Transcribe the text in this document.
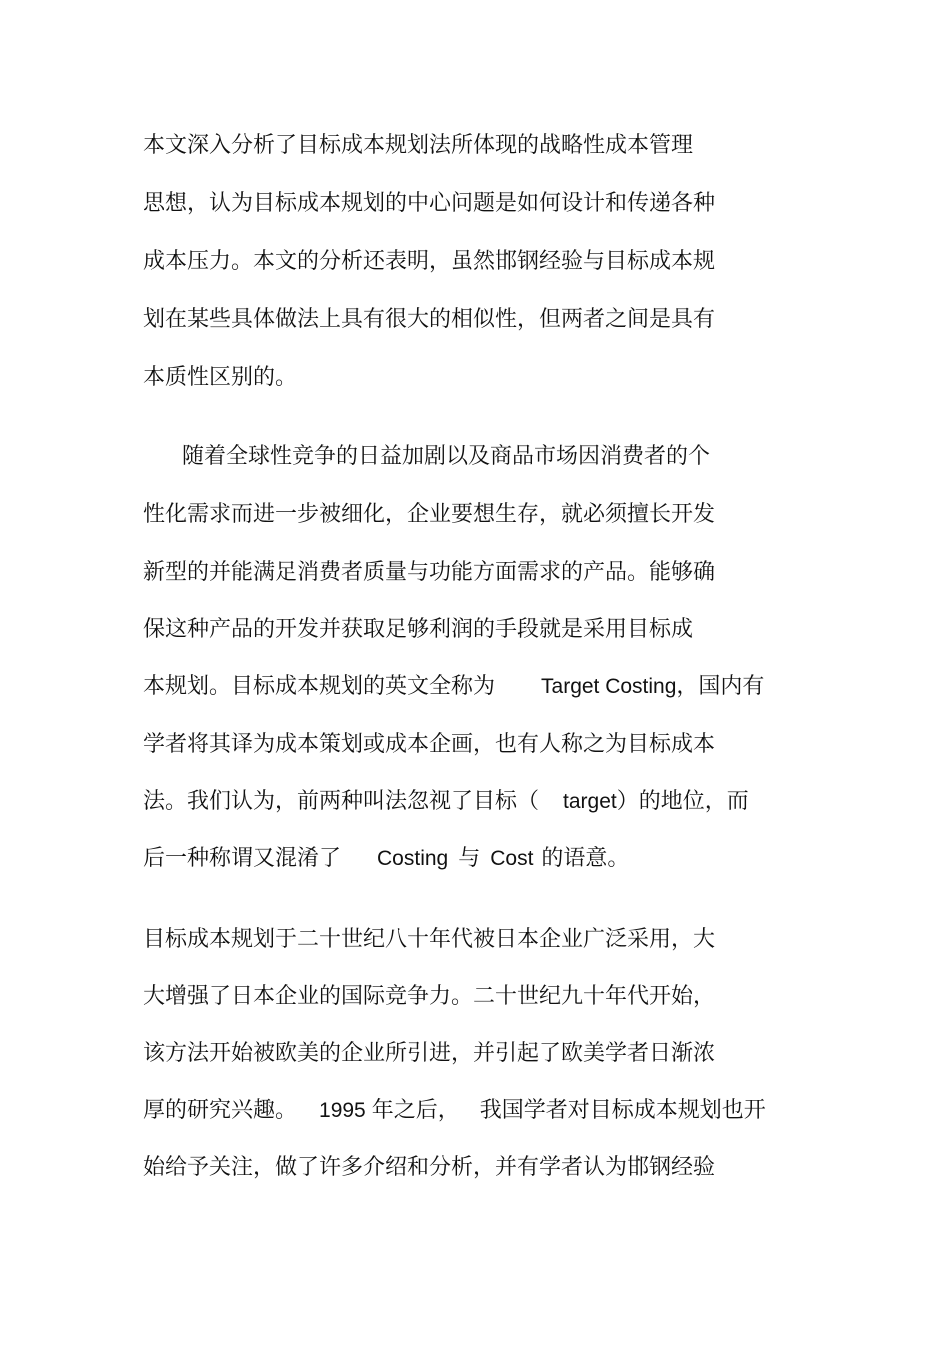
本文深入分析了目标成本规划法所体现的战略性成本管理
思想，认为目标成本规划的中心问题是如何设计和传递各种
成本压力。本文的分析还表明，虽然邯钢经验与目标成本规
划在某些具体做法上具有很大的相似性，但两者之间是具有
本质性区别的。
随着全球性竞争的日益加剧以及商品市场因消费者的个
性化需求而进一步被细化，企业要想生存，就必须擅长开发
新型的并能满足消费者质量与功能方面需求的产品。能够确
保这种产品的开发并获取足够利润的手段就是采用目标成
本规划。目标成本规划的英文全称为 Target Costing，国内有
学者将其译为成本策划或成本企画，也有人称之为目标成本
法。我们认为，前两种叫法忽视了目标（ target）的地位，而
后一种称谓又混淆了 Costing 与 Cost 的语意。
目标成本规划于二十世纪八十年代被日本企业广泛采用，大
大增强了日本企业的国际竞争力。二十世纪九十年代开始，
该方法开始被欧美的企业所引进，并引起了欧美学者日渐浓
厚的研究兴趣。 1995 年之后， 我国学者对目标成本规划也开
始给予关注，做了许多介绍和分析，并有学者认为邯钢经验
